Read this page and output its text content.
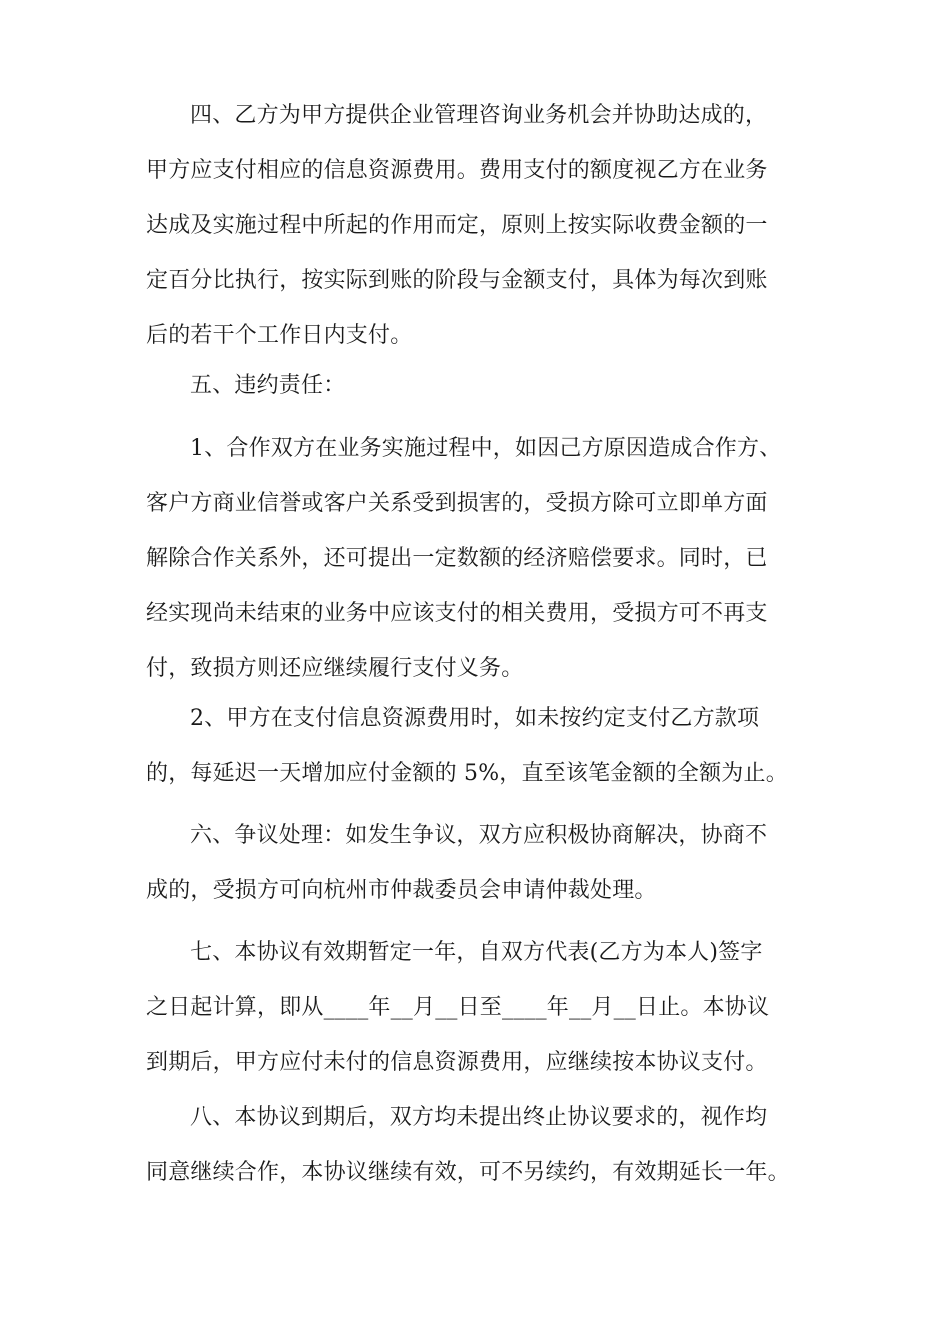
四、乙方为甲方提供企业管理咨询业务机会并协助达成的，
甲方应支付相应的信息资源费用。费用支付的额度视乙方在业务
达成及实施过程中所起的作用而定，原则上按实际收费金额的一
定百分比执行，按实际到账的阶段与金额支付，具体为每次到账
后的若干个工作日内支付。
五、违约责任：
1、合作双方在业务实施过程中，如因己方原因造成合作方、
客户方商业信誉或客户关系受到损害的，受损方除可立即单方面
解除合作关系外，还可提出一定数额的经济赔偿要求。同时，已
经实现尚未结束的业务中应该支付的相关费用，受损方可不再支
付，致损方则还应继续履行支付义务。
2、甲方在支付信息资源费用时，如未按约定支付乙方款项
的，每延迟一天增加应付金额的 5%，直至该笔金额的全额为止。
六、争议处理：如发生争议，双方应积极协商解决，协商不
成的，受损方可向杭州市仲裁委员会申请仲裁处理。
七、本协议有效期暂定一年，自双方代表(乙方为本人)签字
之日起计算，即从____年__月__日至____年__月__日止。本协议
到期后，甲方应付未付的信息资源费用，应继续按本协议支付。
八、本协议到期后，双方均未提出终止协议要求的，视作均
同意继续合作，本协议继续有效，可不另续约，有效期延长一年。
